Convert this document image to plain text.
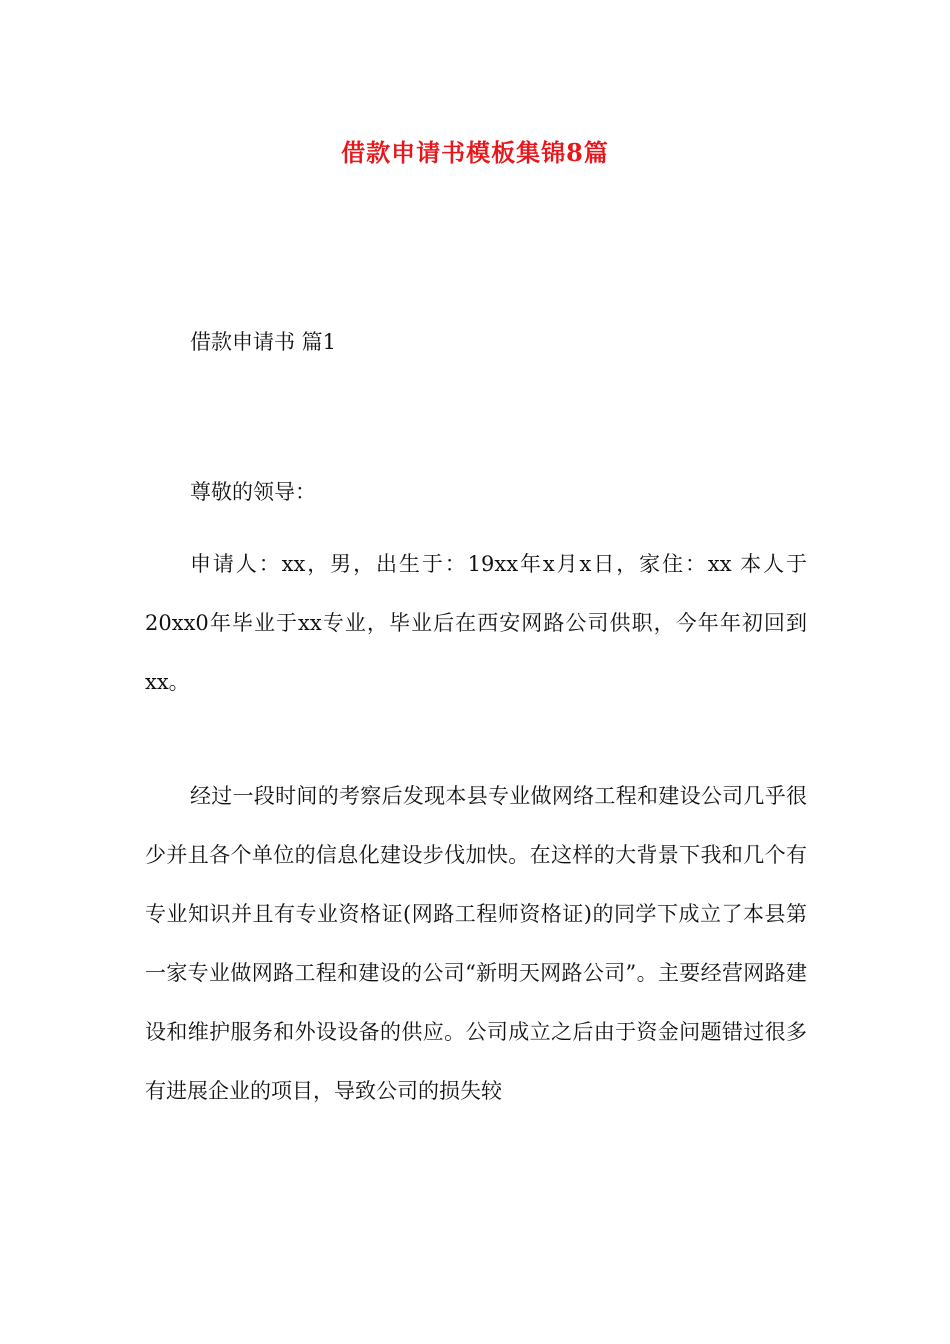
借款申请书模板集锦8篇
借款申请书 篇1

尊敬的领导：

申请人：xx，男，出生于：19xx年x月x日，家住：xx 本人于20xx0年毕业于xx专业，毕业后在西安网路公司供职，今年年初回到xx。

经过一段时间的考察后发现本县专业做网络工程和建设公司几乎很少并且各个单位的信息化建设步伐加快。在这样的大背景下我和几个有专业知识并且有专业资格证(网路工程师资格证)的同学下成立了本县第一家专业做网路工程和建设的公司“新明天网路公司”。主要经营网路建设和维护服务和外设设备的供应。公司成立之后由于资金问题错过很多有进展企业的项目，导致公司的损失较
